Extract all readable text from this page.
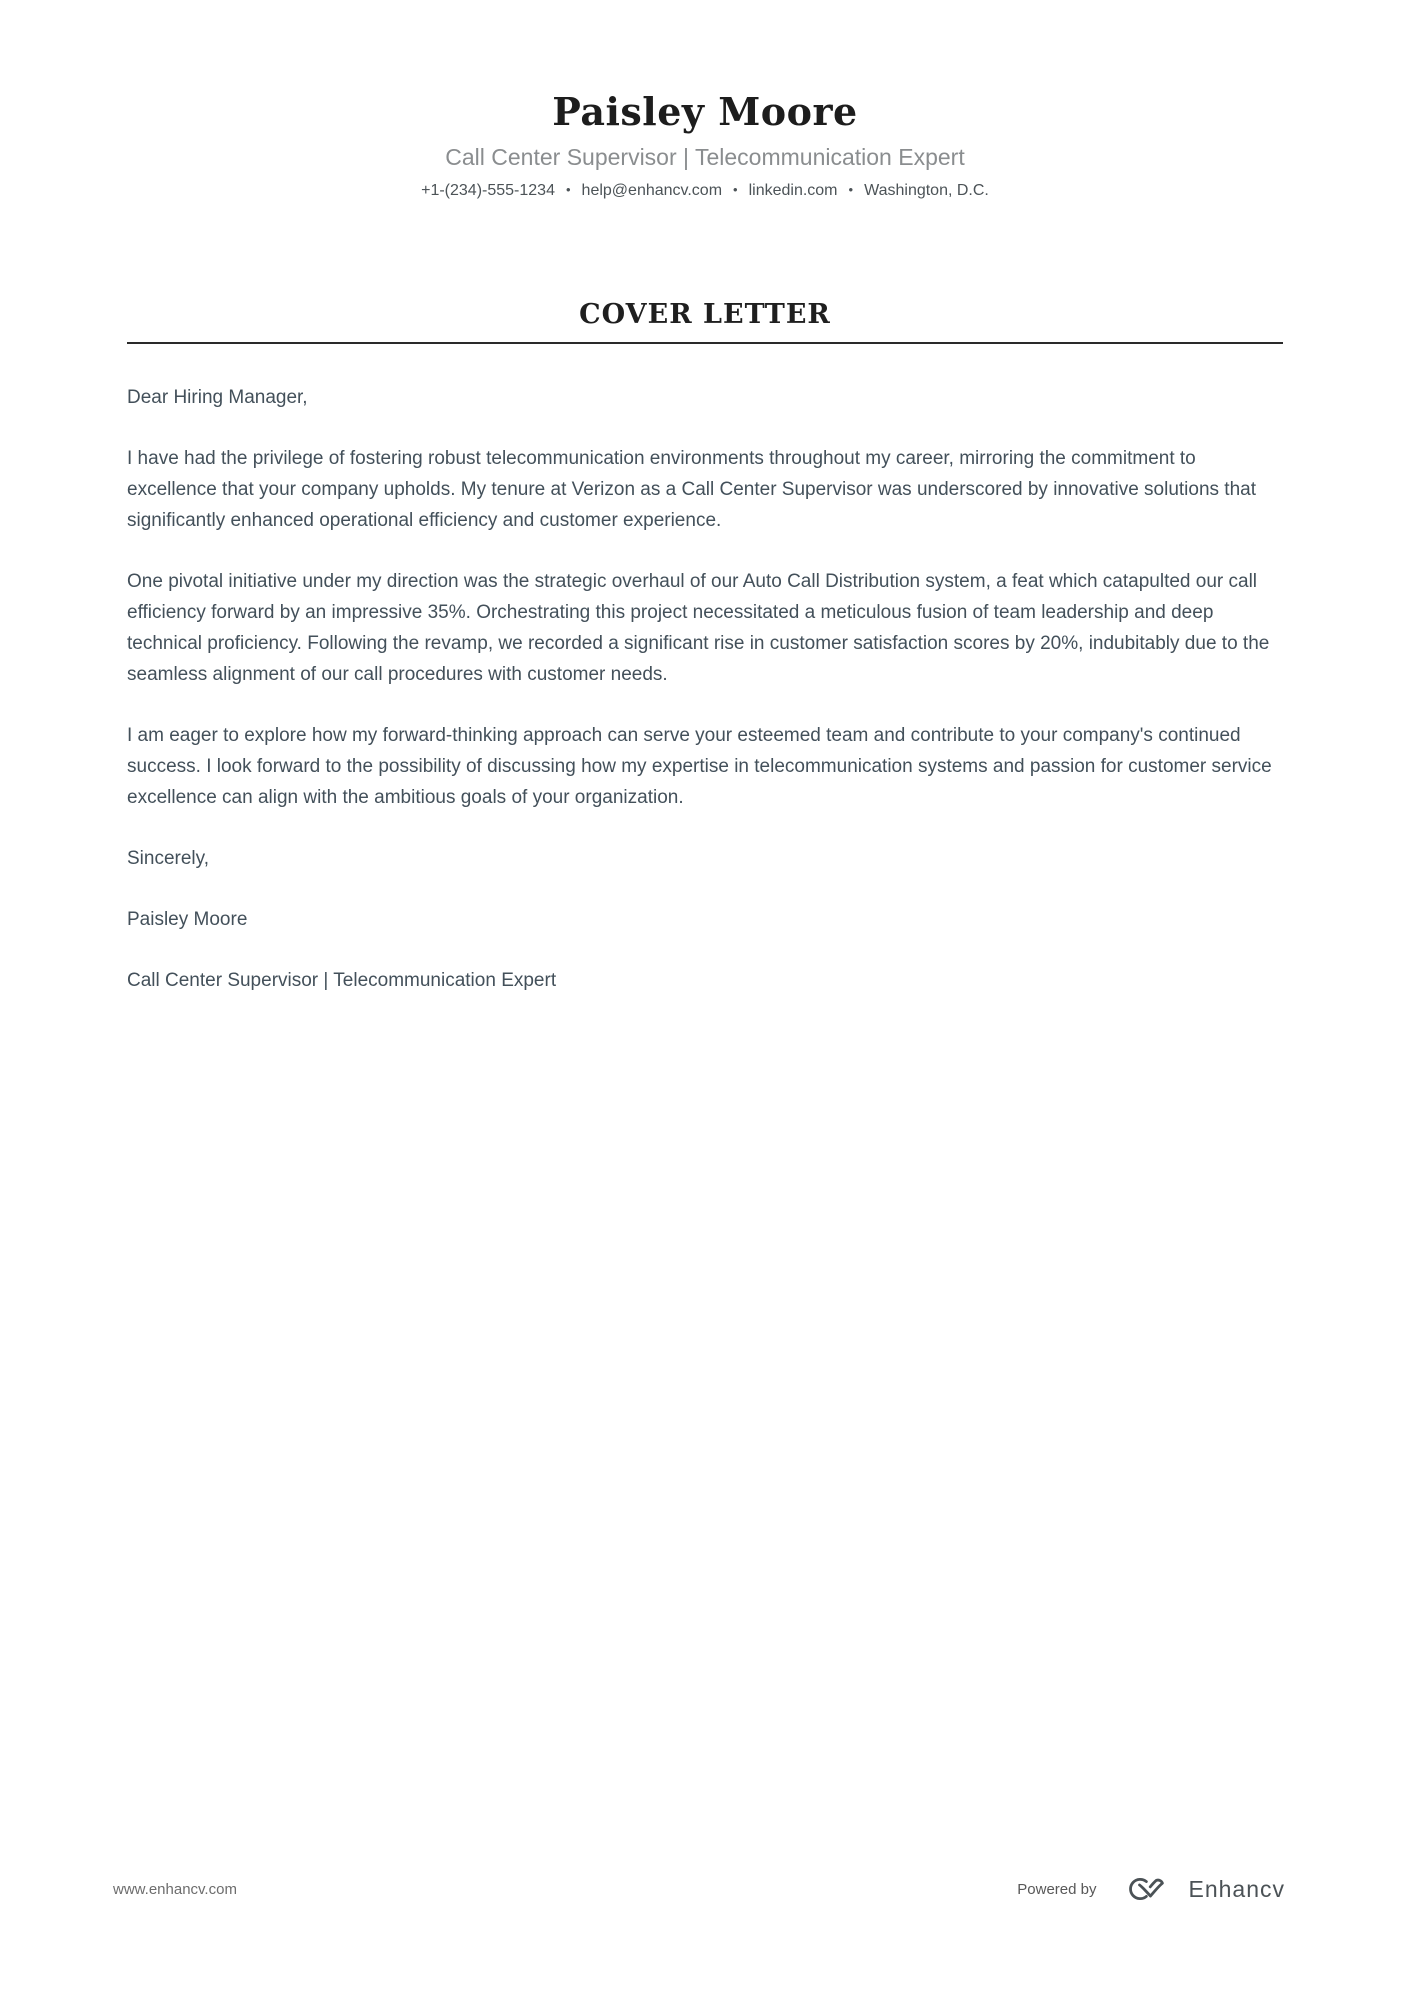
Paisley Moore
Call Center Supervisor | Telecommunication Expert
+1-(234)-555-1234 • help@enhancv.com • linkedin.com • Washington, D.C.
COVER LETTER

Dear Hiring Manager,

I have had the privilege of fostering robust telecommunication environments throughout my career, mirroring the commitment to excellence that your company upholds. My tenure at Verizon as a Call Center Supervisor was underscored by innovative solutions that significantly enhanced operational efficiency and customer experience.

One pivotal initiative under my direction was the strategic overhaul of our Auto Call Distribution system, a feat which catapulted our call efficiency forward by an impressive 35%. Orchestrating this project necessitated a meticulous fusion of team leadership and deep technical proficiency. Following the revamp, we recorded a significant rise in customer satisfaction scores by 20%, indubitably due to the seamless alignment of our call procedures with customer needs.

I am eager to explore how my forward-thinking approach can serve your esteemed team and contribute to your company's continued success. I look forward to the possibility of discussing how my expertise in telecommunication systems and passion for customer service excellence can align with the ambitious goals of your organization.

Sincerely,

Paisley Moore

Call Center Supervisor | Telecommunication Expert

www.enhancv.com	Powered by	Enhancv
